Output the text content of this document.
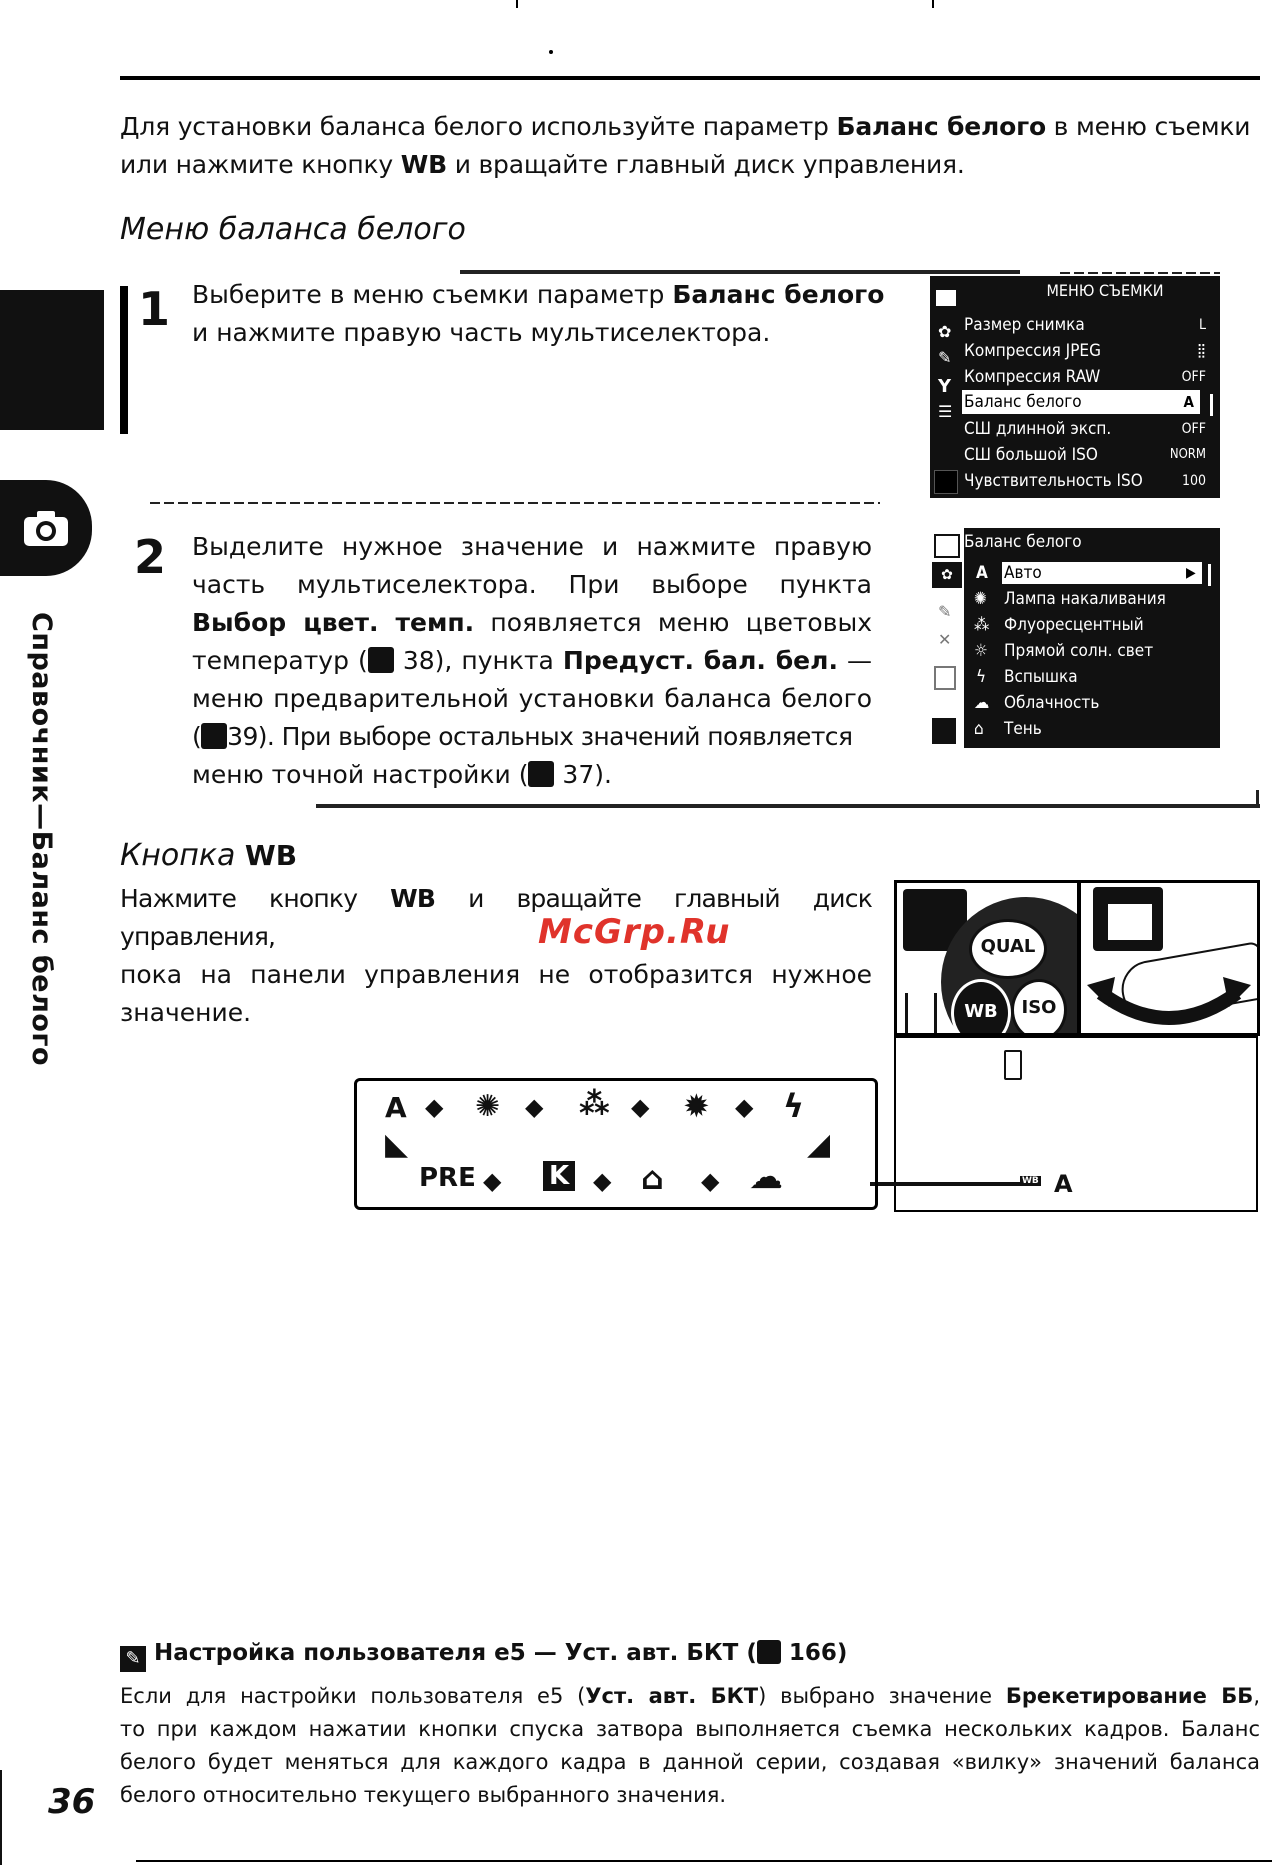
Для установки баланса белого используйте параметр Баланс белого в меню съемки
или нажмите кнопку WB и вращайте главный диск управления.
Меню баланса белого
1 Выберите в меню съемки параметр Баланс белого
и нажмите правую часть мультиселектора.
МЕНЮ СЪЕМКИ
✿
✎
Y
☰
Размер снимка	L
Компрессия JPEG	⣿
Компрессия RAW	OFF
Баланс белого	A
СШ длинной эксп.	OFF
СШ большой ISO	NORM
Чувствительность ISO	100
2 Выделите нужное значение и нажмите правую
часть мультиселектора. При выборе пункта
Выбор цвет. темп. появляется меню цветовых
температур ( 38), пункта Предуст. бал. бел. —
меню предварительной установки баланса белого
( 39). При выборе остальных значений появляется
меню точной настройки ( 37).
Баланс белого
✿
✎
✕
A Авто	▶
✺ Лампа накаливания
⁂ Флуоресцентный
☼ Прямой солн. свет
ϟ Вспышка
☁ Облачность
⌂ Тень
Справочник—Баланс белого Кнопка WB
Нажмите кнопку WB и вращайте главный диск управления,
пока на панели управления не отобразится нужное
значение.
McGrp.Ru	QUAL
WB	ISO
WB A
A ◆ ✺ ◆ ⁂ ◆ ✹ ◆ ϟ
◣	◢
PRE ◆ K ◆ ⌂ ◆ ☁
✎ Настройка пользователя e5 — Уст. авт. БКТ ( 166)
Если для настройки пользователя e5 (Уст. авт. БКТ) выбрано значение Брекетирование ББ,
то при каждом нажатии кнопки спуска затвора выполняется съемка нескольких кадров. Баланс
белого будет меняться для каждого кадра в данной серии, создавая «вилку» значений баланса
белого относительно текущего выбранного значения.
36
